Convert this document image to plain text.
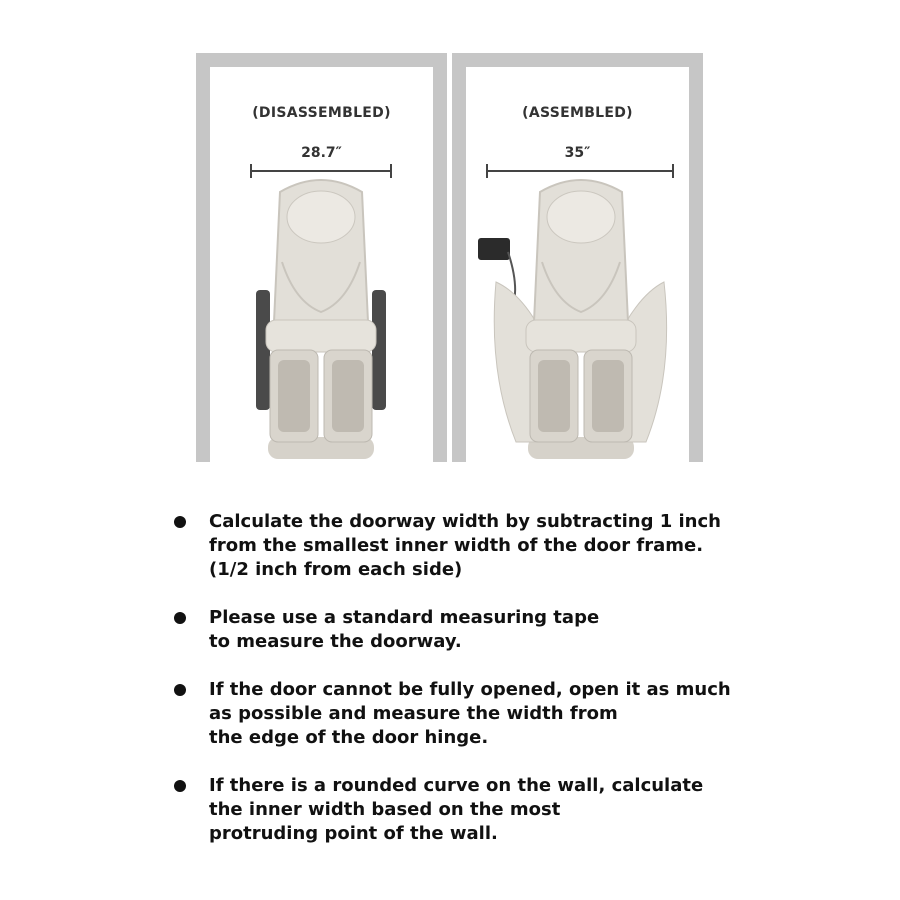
(DISASSEMBLED)
28.7″
(ASSEMBLED)
35″
Calculate the doorway width by subtracting 1 inch
from the smallest inner width of the door frame.
(1/2 inch from each side)
Please use a standard measuring tape
to measure the doorway.
If the door cannot be fully opened, open it as much
as possible and measure the width from
the edge of the door hinge.
If there is a rounded curve on the wall, calculate
the inner width based on the most
protruding point of the wall.
